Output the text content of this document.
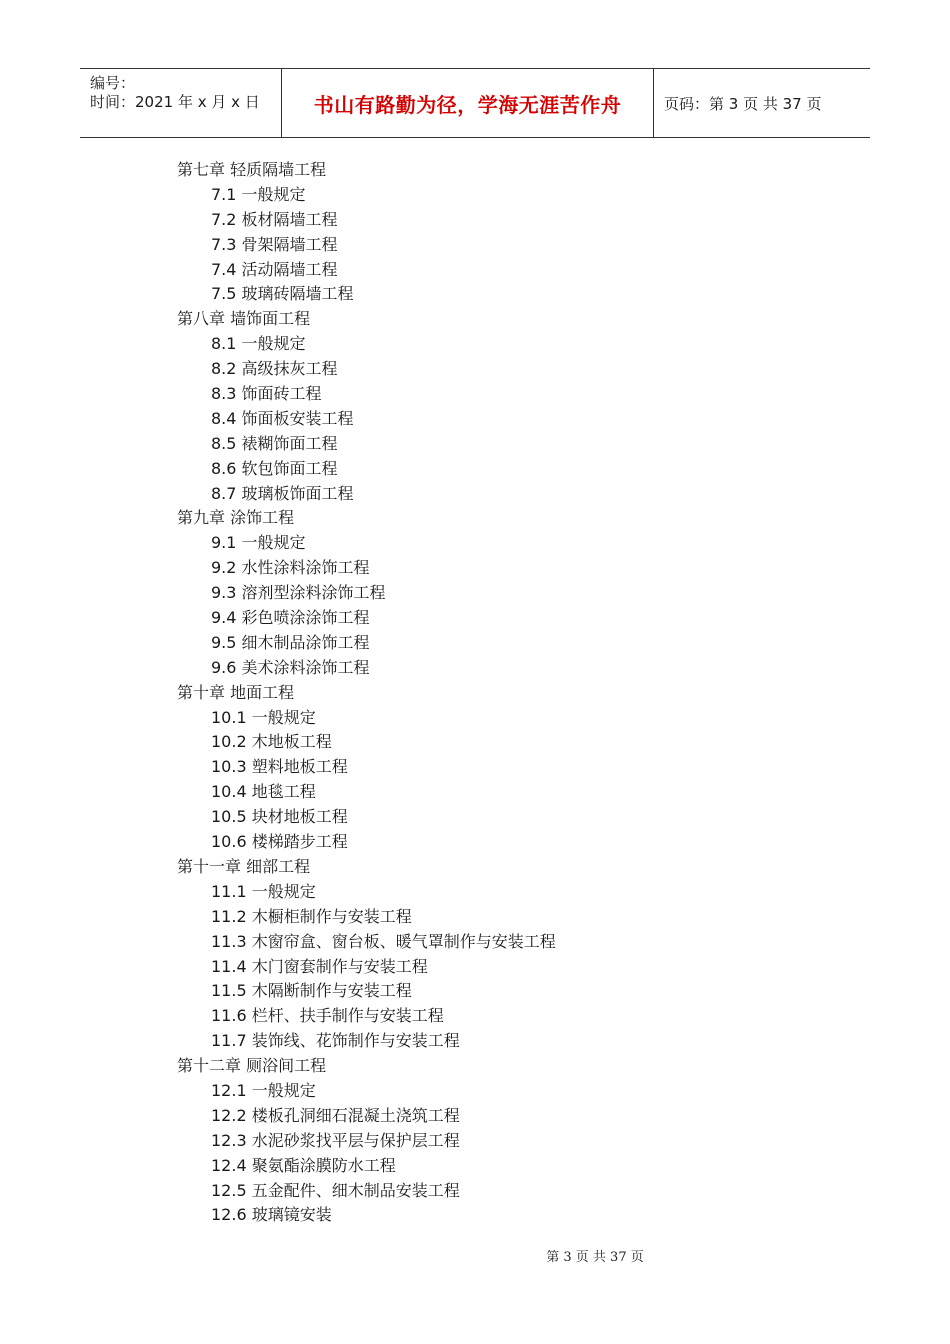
编号：
时间：2021 年 x 月 x 日	书山有路勤为径，学海无涯苦作舟	页码：第 3 页 共 37 页
第七章 轻质隔墙工程
7.1 一般规定
7.2 板材隔墙工程
7.3 骨架隔墙工程
7.4 活动隔墙工程
7.5 玻璃砖隔墙工程
第八章 墙饰面工程
8.1 一般规定
8.2 高级抹灰工程
8.3 饰面砖工程
8.4 饰面板安装工程
8.5 裱糊饰面工程
8.6 软包饰面工程
8.7 玻璃板饰面工程
第九章 涂饰工程
9.1 一般规定
9.2 水性涂料涂饰工程
9.3 溶剂型涂料涂饰工程
9.4 彩色喷涂涂饰工程
9.5 细木制品涂饰工程
9.6 美术涂料涂饰工程
第十章 地面工程
10.1 一般规定
10.2 木地板工程
10.3 塑料地板工程
10.4 地毯工程
10.5 块材地板工程
10.6 楼梯踏步工程
第十一章 细部工程
11.1 一般规定
11.2 木橱柜制作与安装工程
11.3 木窗帘盒、窗台板、暖气罩制作与安装工程
11.4 木门窗套制作与安装工程
11.5 木隔断制作与安装工程
11.6 栏杆、扶手制作与安装工程
11.7 装饰线、花饰制作与安装工程
第十二章 厕浴间工程
12.1 一般规定
12.2 楼板孔洞细石混凝土浇筑工程
12.3 水泥砂浆找平层与保护层工程
12.4 聚氨酯涂膜防水工程
12.5 五金配件、细木制品安装工程
12.6 玻璃镜安装
第 3 页 共 37 页
